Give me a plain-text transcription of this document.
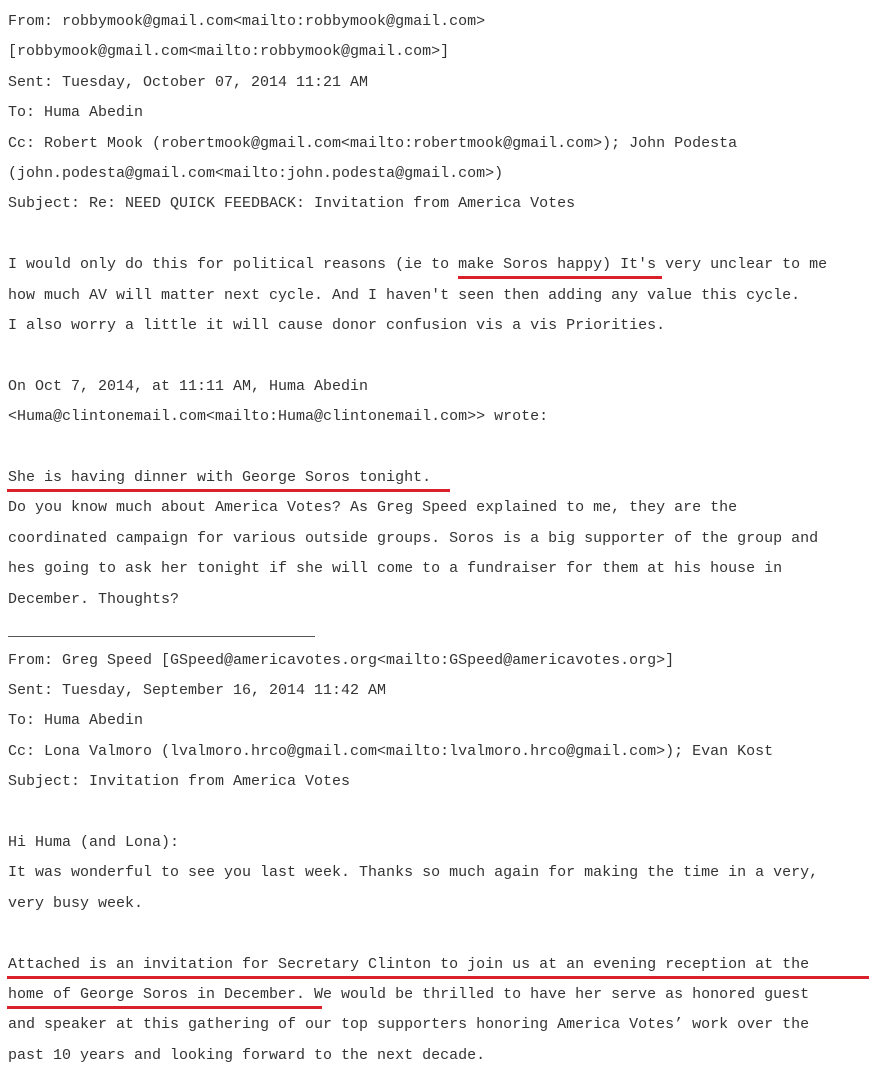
From: robbymook@gmail.com<mailto:robbymook@gmail.com>
[robbymook@gmail.com<mailto:robbymook@gmail.com>]
Sent: Tuesday, October 07, 2014 11:21 AM
To: Huma Abedin
Cc: Robert Mook (robertmook@gmail.com<mailto:robertmook@gmail.com>); John Podesta
(john.podesta@gmail.com<mailto:john.podesta@gmail.com>)
Subject: Re: NEED QUICK FEEDBACK: Invitation from America Votes
I would only do this for political reasons (ie to make Soros happy) It's very unclear to me
how much AV will matter next cycle. And I haven't seen then adding any value this cycle.
I also worry a little it will cause donor confusion vis a vis Priorities.
On Oct 7, 2014, at 11:11 AM, Huma Abedin
<Huma@clintonemail.com<mailto:Huma@clintonemail.com>> wrote:
She is having dinner with George Soros tonight.
Do you know much about America Votes? As Greg Speed explained to me, they are the
coordinated campaign for various outside groups. Soros is a big supporter of the group and
hes going to ask her tonight if she will come to a fundraiser for them at his house in
December. Thoughts?
From: Greg Speed [GSpeed@americavotes.org<mailto:GSpeed@americavotes.org>]
Sent: Tuesday, September 16, 2014 11:42 AM
To: Huma Abedin
Cc: Lona Valmoro (lvalmoro.hrco@gmail.com<mailto:lvalmoro.hrco@gmail.com>); Evan Kost
Subject: Invitation from America Votes
Hi Huma (and Lona):
It was wonderful to see you last week. Thanks so much again for making the time in a very,
very busy week.
Attached is an invitation for Secretary Clinton to join us at an evening reception at the
home of George Soros in December. We would be thrilled to have her serve as honored guest
and speaker at this gathering of our top supporters honoring America Votes’ work over the
past 10 years and looking forward to the next decade.
